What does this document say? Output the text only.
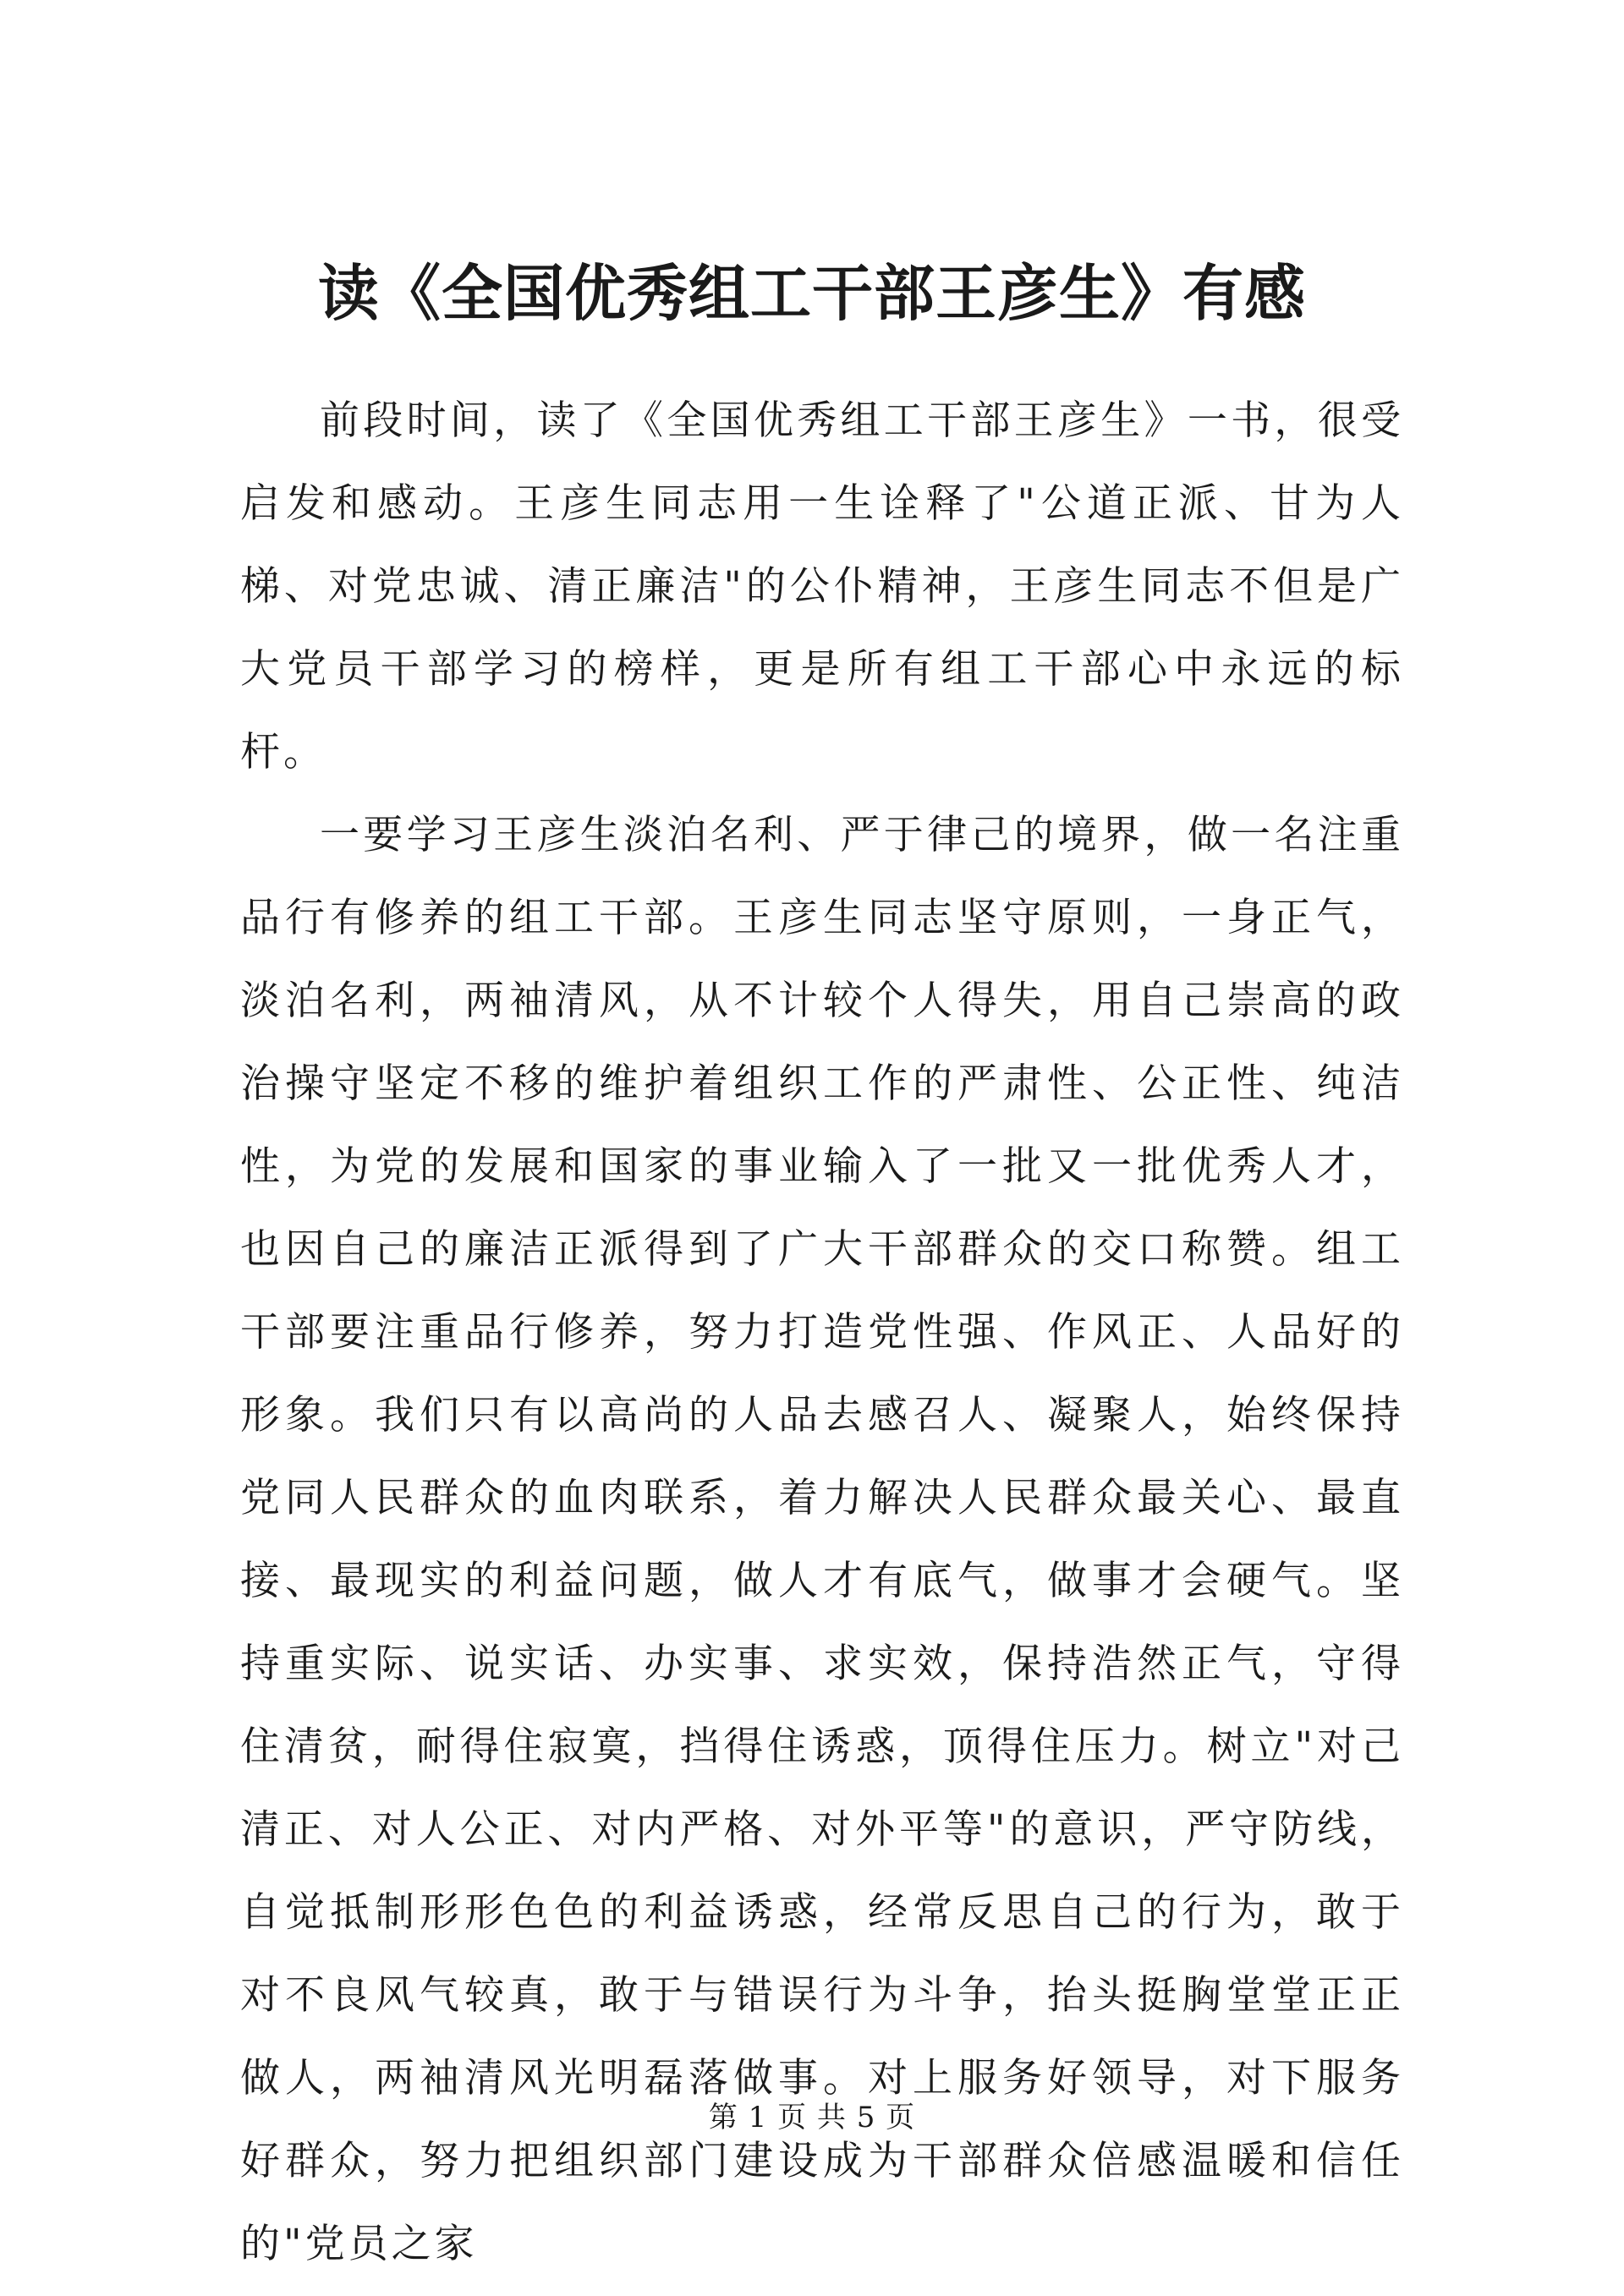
读《全国优秀组工干部王彦生》有感

前段时间，读了《全国优秀组工干部王彦生》一书，很受启发和感动。王彦生同志用一生诠释了"公道正派、甘为人梯、对党忠诚、清正廉洁"的公仆精神，王彦生同志不但是广大党员干部学习的榜样，更是所有组工干部心中永远的标杆。

一要学习王彦生淡泊名利、严于律己的境界，做一名注重品行有修养的组工干部。王彦生同志坚守原则，一身正气，淡泊名利，两袖清风，从不计较个人得失，用自己崇高的政治操守坚定不移的维护着组织工作的严肃性、公正性、纯洁性，为党的发展和国家的事业输入了一批又一批优秀人才，也因自己的廉洁正派得到了广大干部群众的交口称赞。组工干部要注重品行修养，努力打造党性强、作风正、人品好的形象。我们只有以高尚的人品去感召人、凝聚人，始终保持党同人民群众的血肉联系，着力解决人民群众最关心、最直接、最现实的利益问题，做人才有底气，做事才会硬气。坚持重实际、说实话、办实事、求实效，保持浩然正气，守得住清贫，耐得住寂寞，挡得住诱惑，顶得住压力。树立"对己清正、对人公正、对内严格、对外平等"的意识，严守防线，自觉抵制形形色色的利益诱惑，经常反思自己的行为，敢于对不良风气较真，敢于与错误行为斗争，抬头挺胸堂堂正正做人，两袖清风光明磊落做事。对上服务好领导，对下服务好群众，努力把组织部门建设成为干部群众倍感温暖和信任的"党员之家

第 1 页 共 5 页
